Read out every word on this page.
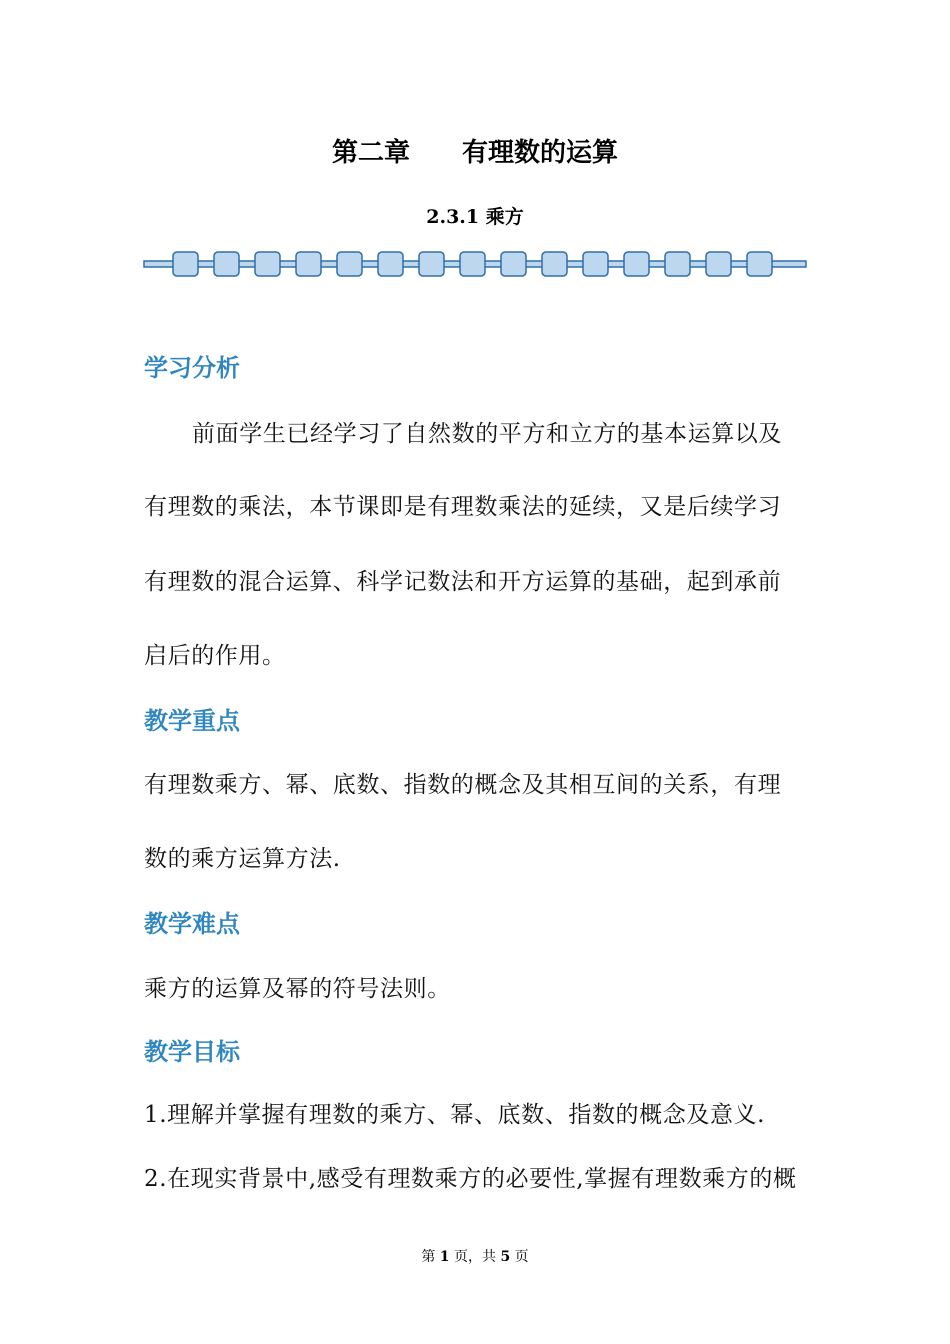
第二章　　有理数的运算
2.3.1 乘方
学习分析
前面学生已经学习了自然数的平方和立方的基本运算以及
有理数的乘法，本节课即是有理数乘法的延续，又是后续学习
有理数的混合运算、科学记数法和开方运算的基础，起到承前
启后的作用。
教学重点
有理数乘方、幂、底数、指数的概念及其相互间的关系，有理
数的乘方运算方法.
教学难点
乘方的运算及幂的符号法则。
教学目标
1.理解并掌握有理数的乘方、幂、底数、指数的概念及意义.
2.在现实背景中,感受有理数乘方的必要性,掌握有理数乘方的概
第 1 页，共 5 页
